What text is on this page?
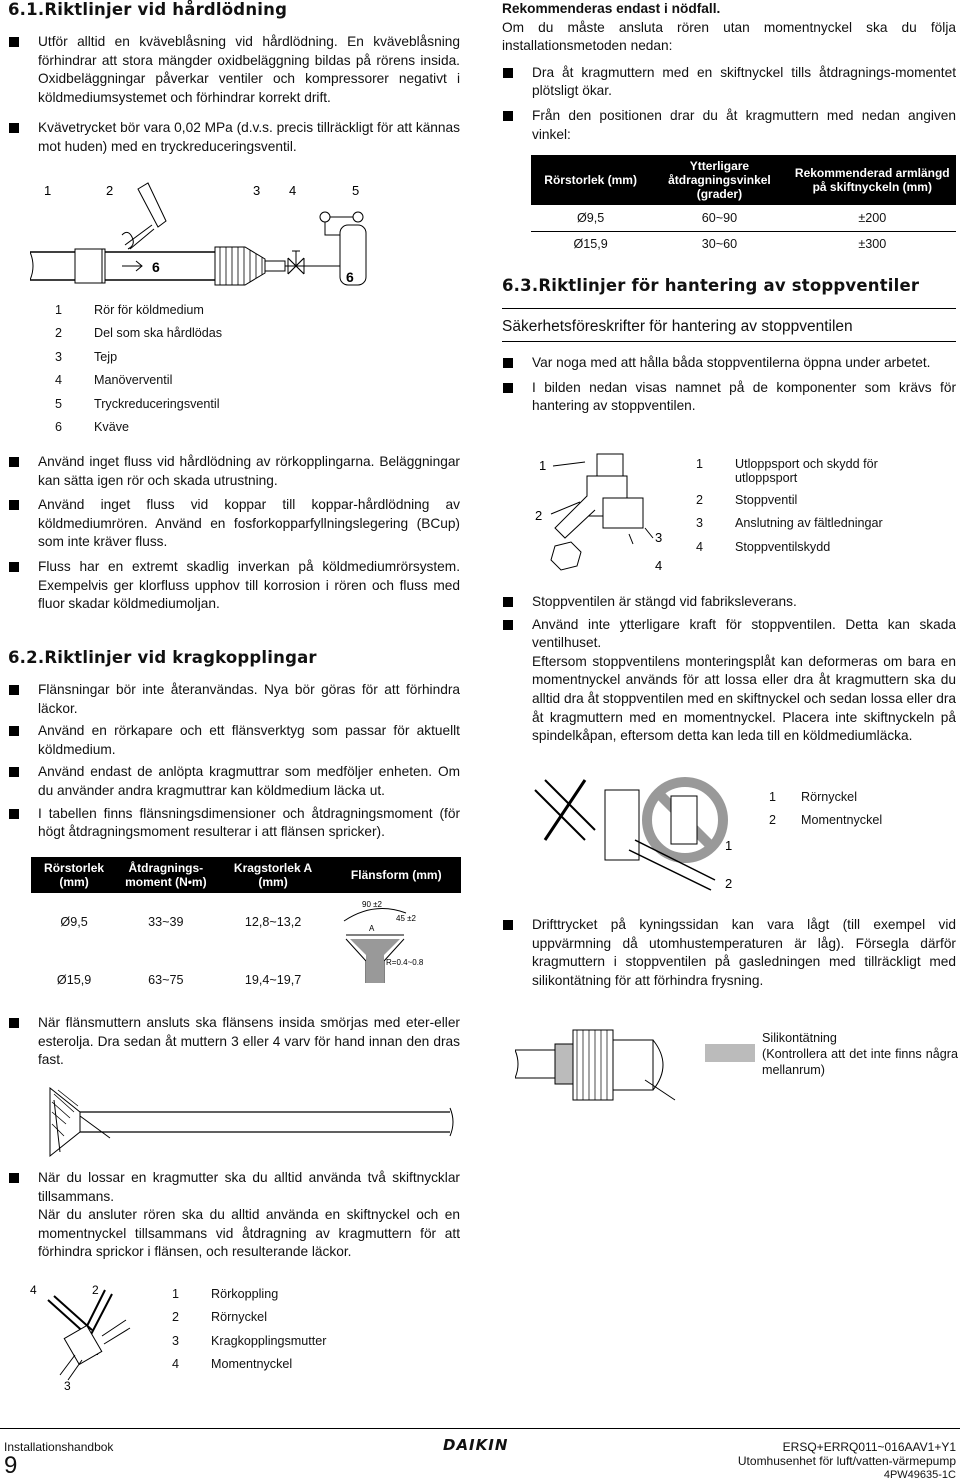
6.1.Riktlinjer vid hårdlödning

Utför alltid en kväveblåsning vid hårdlödning. En kväveblåsning förhindrar att stora mängder oxidbeläggning bildas på rörens insida. Oxidbeläggningar påverkar ventiler och kompressorer negativt i köldmediumsystemet och förhindrar korrekt drift.

Kvävetrycket bör vara 0,02 MPa (d.v.s. precis tillräckligt för att kännas mot huden) med en tryckreduceringsventil.

1	2	3 4	5
6
6
1	Rör för köldmedium
2	Del som ska hårdlödas
3	Tejp
4	Manöverventil
5	Tryckreduceringsventil
6	Kväve

Använd inget fluss vid hårdlödning av rörkopplingarna. Beläggningar kan sätta igen rör och skada utrustning.

Använd inget fluss vid koppar till koppar-hårdlödning av köldmediumrören. Använd en fosforkopparfyllningslegering (BCup) som inte kräver fluss.

Fluss har en extremt skadlig inverkan på köldmediumrörsystem. Exempelvis ger klorfluss upphov till korrosion i rören och fluss med fluor skadar köldmediumoljan.

6.2.Riktlinjer vid kragkopplingar

Flänsningar bör inte återanvändas. Nya bör göras för att förhindra läckor.

Använd en rörkapare och ett flänsverktyg som passar för aktuellt köldmedium.

Använd endast de anlöpta kragmuttrar som medföljer enheten. Om du använder andra kragmuttrar kan köldmedium läcka ut.

I tabellen finns flänsningsdimensioner och åtdragningsmoment (för högt åtdragningsmoment resulterar i att flänsen spricker).

Rörstorlek (mm)	Åtdragnings-moment (N•m)	Kragstorlek A (mm)	Flänsform (mm)
Ø9,5	33~39	12,8~13,2	90 ±2
45 ±2
A
R=0.4~0.8

Ø15,9	63~75	19,4~19,7	

När flänsmuttern ansluts ska flänsens insida smörjas med eter-eller esterolja. Dra sedan åt muttern 3 eller 4 varv för hand innan den dras fast.

När du lossar en kragmutter ska du alltid använda två skiftnycklar tillsammans.

När du ansluter rören ska du alltid använda en skiftnyckel och en momentnyckel tillsammans vid åtdragning av kragmuttern för att förhindra sprickor i flänsen, och resulterande läckor.

4	2
3
1	Rörkoppling
2	Rörnyckel
3	Kragkopplingsmutter
4	Momentnyckel

Rekommenderas endast i nödfall.

Om du måste ansluta rören utan momentnyckel ska du följa installationsmetoden nedan:

Dra åt kragmuttern med en skiftnyckel tills åtdragnings-momentet plötsligt ökar.

Från den positionen drar du åt kragmuttern med nedan angiven vinkel:

Rörstorlek (mm)	Ytterligare åtdragningsvinkel (grader)	Rekommenderad armlängd på skiftnyckeln (mm)
Ø9,5	60~90	±200
Ø15,9	30~60	±300
6.3.Riktlinjer för hantering av stoppventiler
Säkerhetsföreskrifter för hantering av stoppventilen

Var noga med att hålla båda stoppventilerna öppna under arbetet.

I bilden nedan visas namnet på de komponenter som krävs för hantering av stoppventilen.

1
2
3
4
1	Utloppsport och skydd för utloppsport
2	Stoppventil
3	Anslutning av fältledningar
4	Stoppventilskydd

Stoppventilen är stängd vid fabriksleverans.

Använd inte ytterligare kraft för stoppventilen. Detta kan skada ventilhuset.

Eftersom stoppventilens monteringsplåt kan deformeras om bara en momentnyckel används för att lossa eller dra åt kragmuttern ska du alltid dra åt stoppventilen med en skiftnyckel och sedan lossa eller dra åt kragmuttern med en momentnyckel. Placera inte skiftnyckeln på spindelkåpan, eftersom detta kan leda till en köldmediumläcka.

1
2
1 Rörnyckel
2 Momentnyckel

Drifttrycket på kyningssidan kan vara lågt (till exempel vid uppvärmning då utomhustemperaturen är låg). Försegla därför kragmuttern i stoppventilen på gasledningen med tillräckligt med silikontätning för att förhindra frysning.

Silikontätning
(Kontrollera att det inte finns några mellanrum)
Installationshandbok
9
DAIKIN	ERSQ+ERRQ011~016AAV1+Y1
Utomhusenhet för luft/vatten-värmepump
4PW49635-1C
